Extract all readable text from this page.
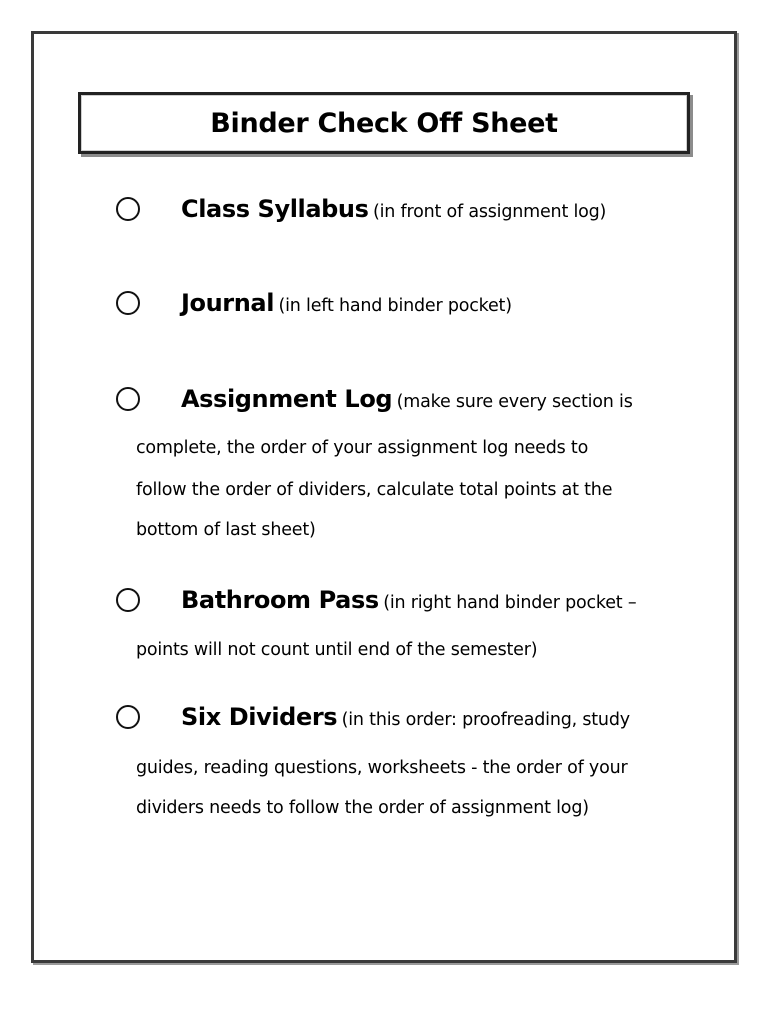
Binder Check Off Sheet
Class Syllabus (in front of assignment log)
Journal (in left hand binder pocket)
Assignment Log (make sure every section is
complete, the order of your assignment log needs to
follow the order of dividers, calculate total points at the
bottom of last sheet)
Bathroom Pass (in right hand binder pocket –
points will not count until end of the semester)
Six Dividers (in this order: proofreading, study
guides, reading questions, worksheets - the order of your
dividers needs to follow the order of assignment log)
